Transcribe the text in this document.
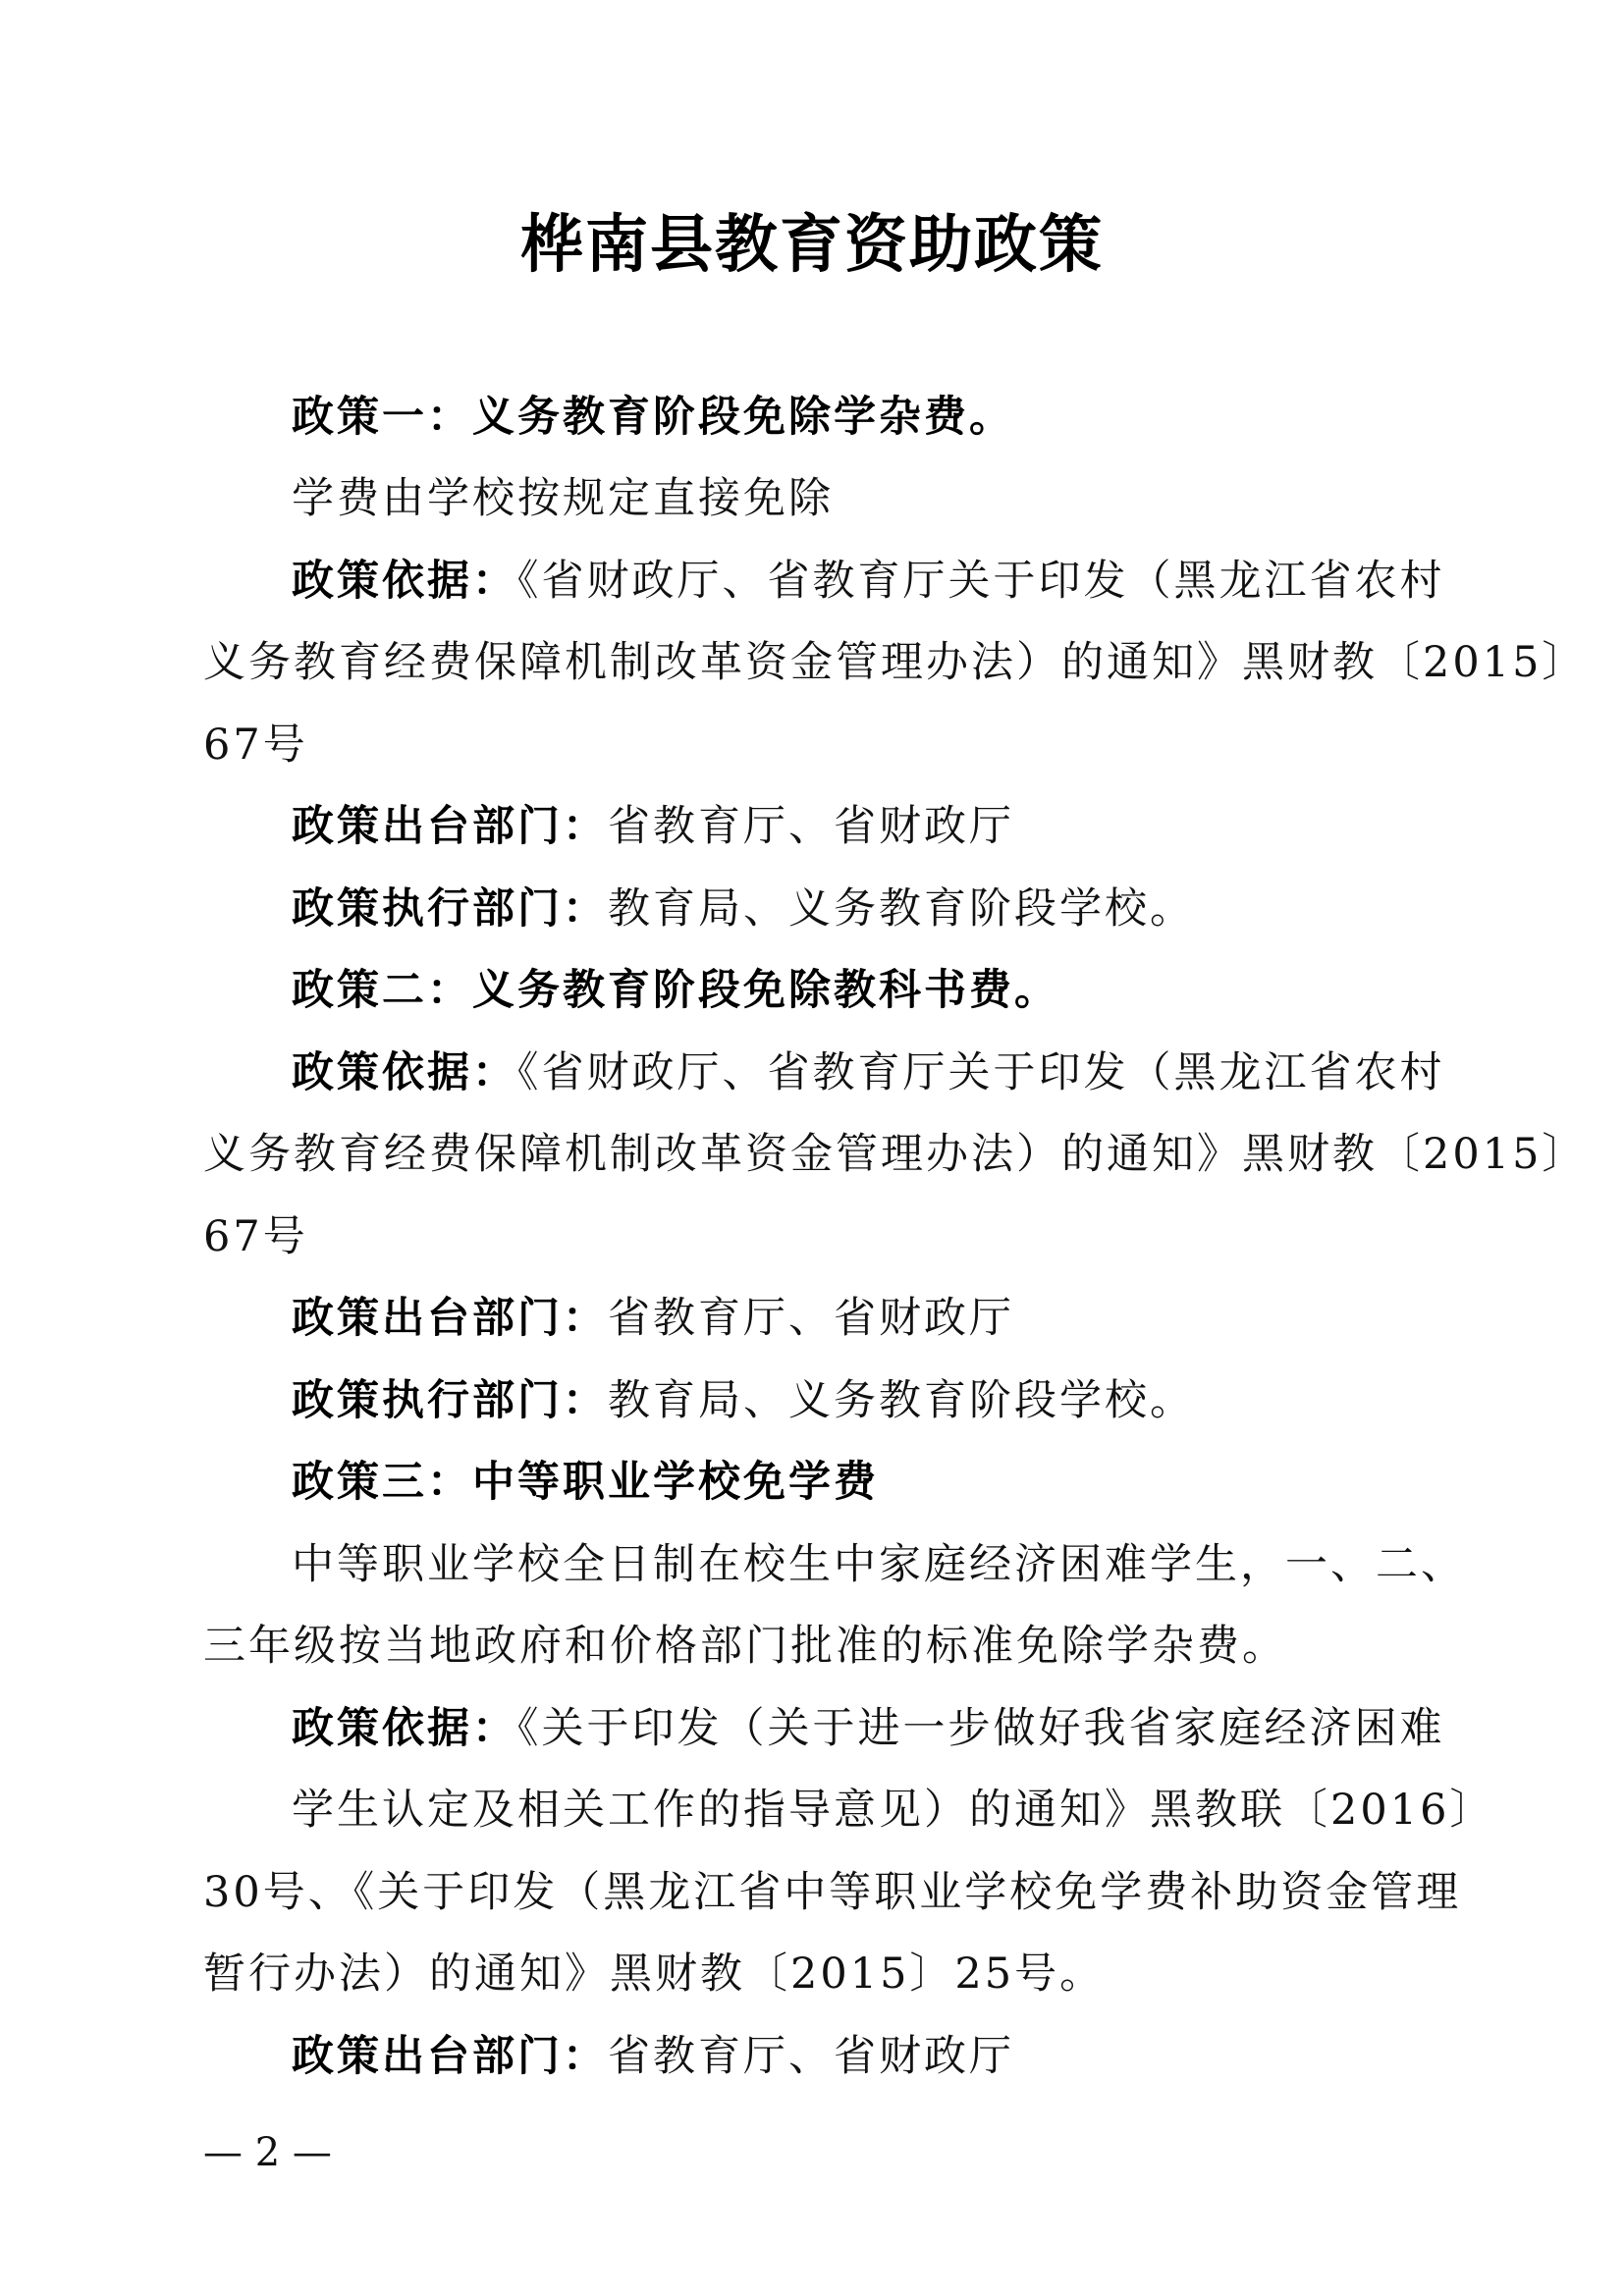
桦南县教育资助政策
政策一：义务教育阶段免除学杂费。
学费由学校按规定直接免除
政策依据：《省财政厅、省教育厅关于印发（黑龙江省农村
义务教育经费保障机制改革资金管理办法）的通知》黑财教〔2015〕
67号
政策出台部门：省教育厅、省财政厅
政策执行部门：教育局、义务教育阶段学校。
政策二：义务教育阶段免除教科书费。
政策依据：《省财政厅、省教育厅关于印发（黑龙江省农村
义务教育经费保障机制改革资金管理办法）的通知》黑财教〔2015〕
67号
政策出台部门：省教育厅、省财政厅
政策执行部门：教育局、义务教育阶段学校。
政策三：中等职业学校免学费
中等职业学校全日制在校生中家庭经济困难学生，一、二、
三年级按当地政府和价格部门批准的标准免除学杂费。
政策依据：《关于印发（关于进一步做好我省家庭经济困难
学生认定及相关工作的指导意见）的通知》黑教联〔2016〕
30号、《关于印发（黑龙江省中等职业学校免学费补助资金管理
暂行办法）的通知》黑财教〔2015〕25号。
政策出台部门：省教育厅、省财政厅
— 2 —
